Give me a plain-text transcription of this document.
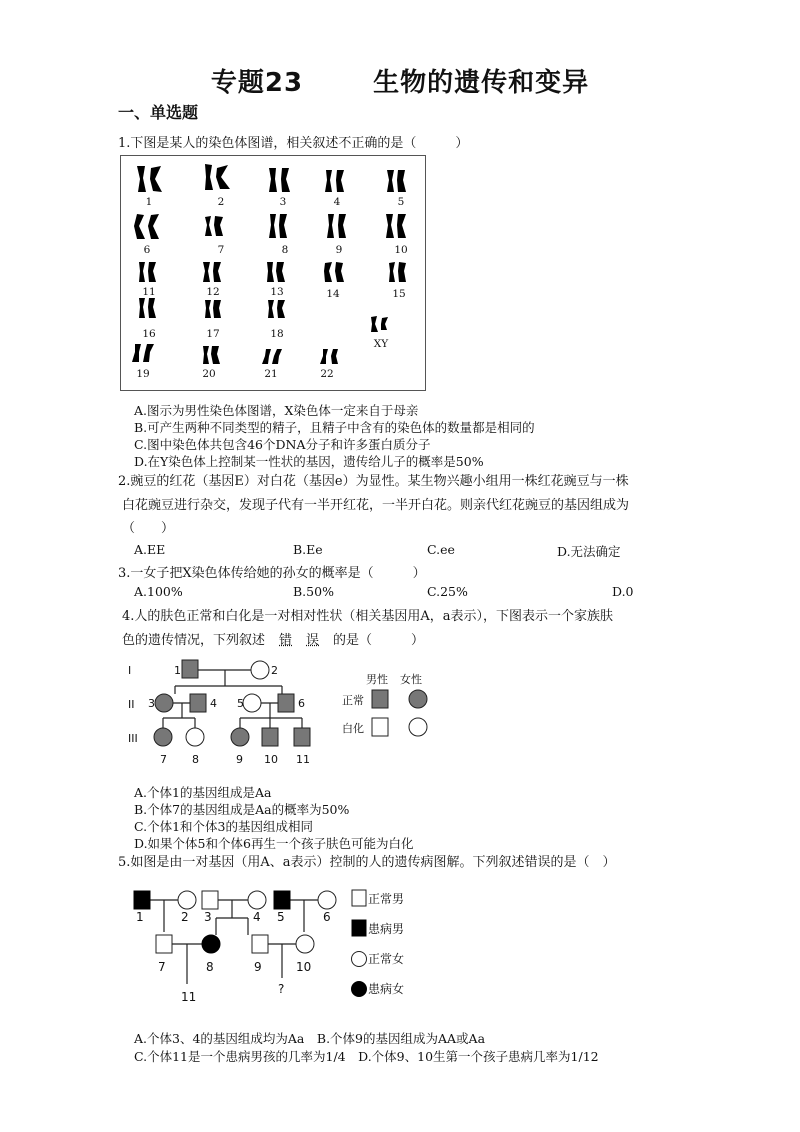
专题23	生物的遗传和变异
一、单选题
1.下图是某人的染色体图谱，相关叙述不正确的是（　　　）
1	2	3	4	5
6	7	8	9	10
11	12	13	14	15
16	17	18
XY
19	20	21	22
A.图示为男性染色体图谱，X染色体一定来自于母亲
B.可产生两种不同类型的精子，且精子中含有的染色体的数量都是相同的
C.图中染色体共包含46个DNA分子和许多蛋白质分子
D.在Y染色体上控制某一性状的基因，遗传给儿子的概率是50%
2.豌豆的红花（基因E）对白花（基因e）为显性。某生物兴趣小组用一株红花豌豆与一株
白花豌豆进行杂交，发现子代有一半开红花，一半开白花。则亲代红花豌豆的基因组成为
（　　）
A.EE	B.Ee	C.ee	D.无法确定
3.一女子把X染色体传给她的孙女的概率是（　　　）
A.100%	B.50%	C.25%	D.0
4.人的肤色正常和白化是一对相对性状（相关基因用A，a表示），下图表示一个家族肤
色的遗传情况，下列叙述 错 误 的是（　　　）
I
II
III
1	2
3	4 5	6
7 8	9 10 11
男性 女性
正常
白化
A.个体1的基因组成是Aa
B.个体7的基因组成是Aa的概率为50%
C.个体1和个体3的基因组成相同
D.如果个体5和个体6再生一个孩子肤色可能为白化
5.如图是由一对基因（用A、a表示）控制的人的遗传病图解。下列叙述错误的是（　）
1	2 3	4 5	6
7	8	9	10
11
?
正常男
患病男
正常女
患病女
A.个体3、4的基因组成均为Aa　B.个体9的基因组成为AA或Aa
C.个体11是一个患病男孩的几率为1/4　D.个体9、10生第一个孩子患病几率为1/12
